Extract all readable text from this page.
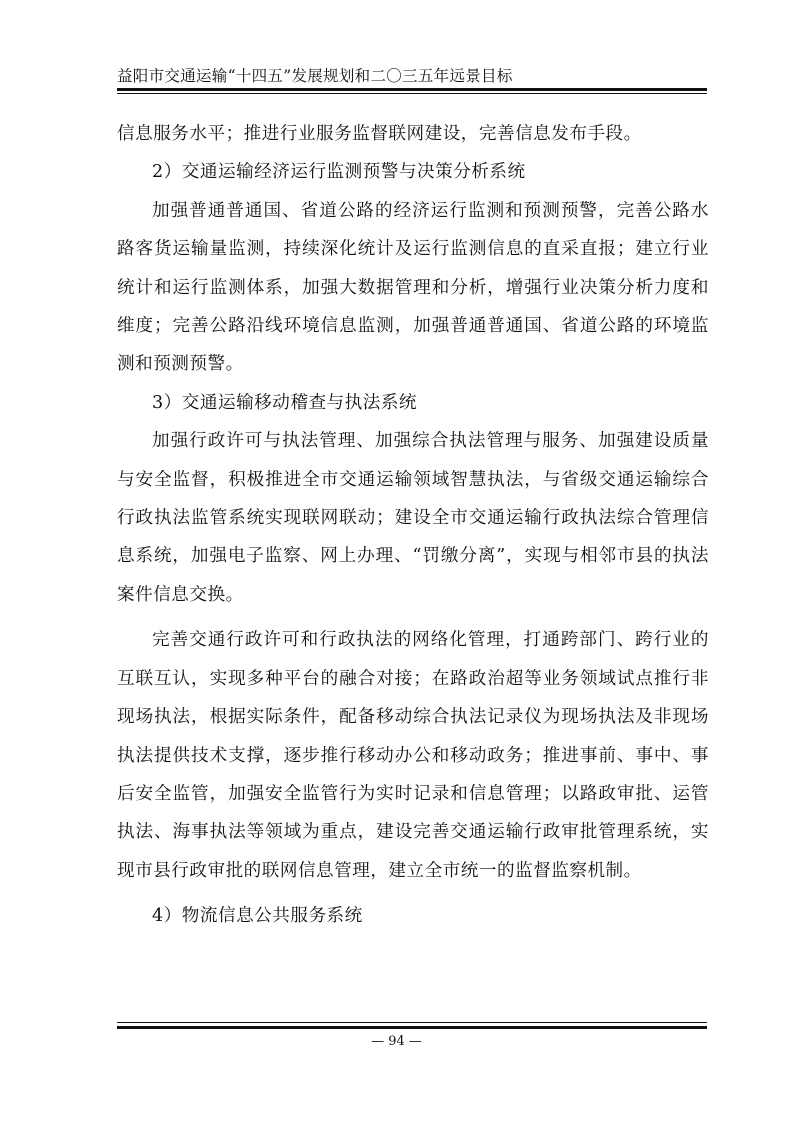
益阳市交通运输“十四五”发展规划和二〇三五年远景目标

信息服务水平；推进行业服务监督联网建设，完善信息发布手段。

2）交通运输经济运行监测预警与决策分析系统

加强普通普通国、省道公路的经济运行监测和预测预警，完善公路水路客货运输量监测，持续深化统计及运行监测信息的直采直报；建立行业统计和运行监测体系，加强大数据管理和分析，增强行业决策分析力度和维度；完善公路沿线环境信息监测，加强普通普通国、省道公路的环境监测和预测预警。

3）交通运输移动稽查与执法系统

加强行政许可与执法管理、加强综合执法管理与服务、加强建设质量与安全监督，积极推进全市交通运输领域智慧执法，与省级交通运输综合行政执法监管系统实现联网联动；建设全市交通运输行政执法综合管理信息系统，加强电子监察、网上办理、“罚缴分离”，实现与相邻市县的执法案件信息交换。

完善交通行政许可和行政执法的网络化管理，打通跨部门、跨行业的互联互认，实现多种平台的融合对接；在路政治超等业务领域试点推行非现场执法，根据实际条件，配备移动综合执法记录仪为现场执法及非现场执法提供技术支撑，逐步推行移动办公和移动政务；推进事前、事中、事后安全监管，加强安全监管行为实时记录和信息管理；以路政审批、运管执法、海事执法等领域为重点，建设完善交通运输行政审批管理系统，实现市县行政审批的联网信息管理，建立全市统一的监督监察机制。

4）物流信息公共服务系统

— 94 —
